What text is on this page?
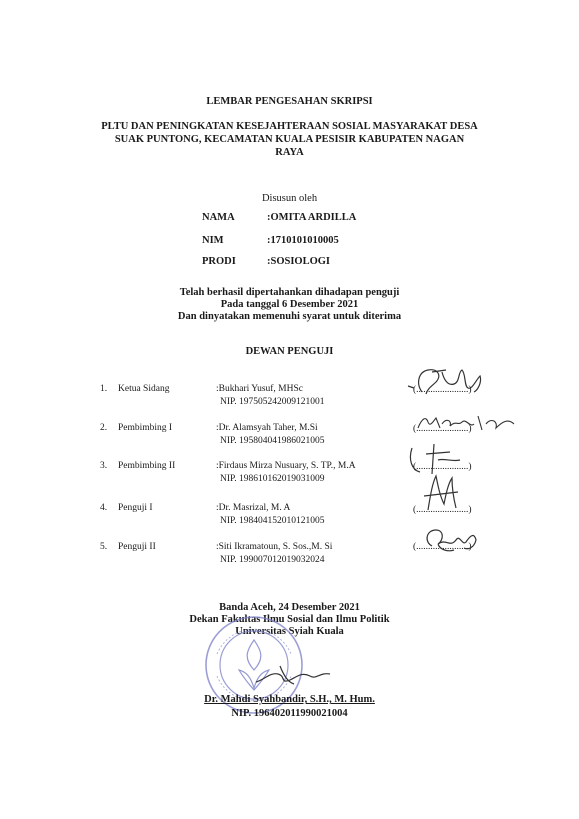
LEMBAR PENGESAHAN SKRIPSI
PLTU DAN PENINGKATAN KESEJAHTERAAN SOSIAL MASYARAKAT DESA
SUAK PUNTONG, KECAMATAN KUALA PESISIR KABUPATEN NAGAN
RAYA
Disusun oleh
NAMA	:OMITA ARDILLA
NIM	:1710101010005
PRODI	:SOSIOLOGI
Telah berhasil dipertahankan dihadapan penguji
Pada tanggal 6 Desember 2021
Dan dinyatakan memenuhi syarat untuk diterima
DEWAN PENGUJI
1. Ketua Sidang	:Bukhari Yusuf, MHSc
NIP. 197505242009121001
(......................)
2. Pembimbing I	:Dr. Alamsyah Taher, M.Si
NIP. 195804041986021005
(......................)
3. Pembimbing II	:Firdaus Mirza Nusuary, S. TP., M.A
NIP. 198610162019031009
(......................)
4. Penguji I	:Dr. Masrizal, M. A
NIP. 198404152010121005
(......................)
5. Penguji II	:Siti Ikramatoun, S. Sos.,M. Si
NIP. 199007012019032024
(......................)
Banda Aceh, 24 Desember 2021
Dekan Fakultas Ilmu Sosial dan Ilmu Politik
Universitas Syiah Kuala
Dr. Mahdi Syahbandir, S.H., M. Hum.
NIP. 196402011990021004
